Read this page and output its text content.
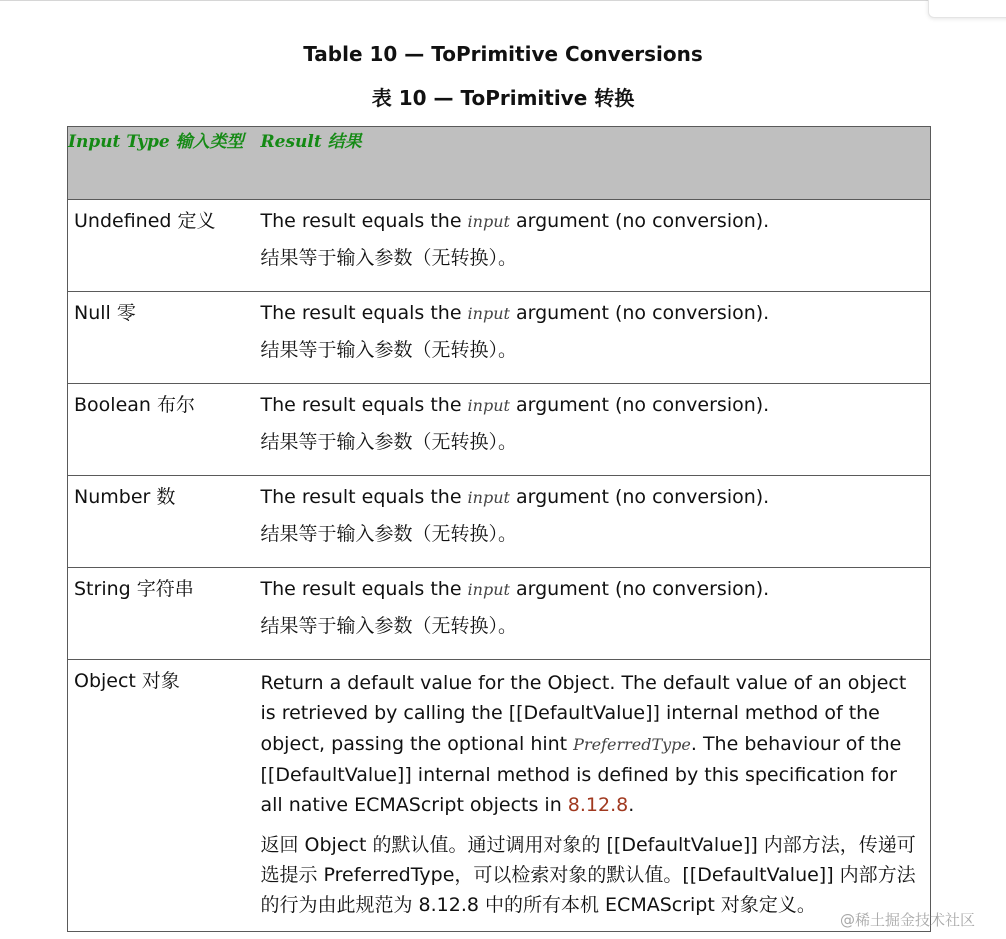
Table 10 — ToPrimitive Conversions
表 10 — ToPrimitive 转换
Input Type 输入类型	Result 结果
Undefined 定义	The result equals the input argument (no conversion).
结果等于输入参数（无转换）。

Null 零	The result equals the input argument (no conversion).
结果等于输入参数（无转换）。

Boolean 布尔	The result equals the input argument (no conversion).
结果等于输入参数（无转换）。

Number 数	The result equals the input argument (no conversion).
结果等于输入参数（无转换）。

String 字符串	The result equals the input argument (no conversion).
结果等于输入参数（无转换）。

Object 对象	Return a default value for the Object. The default value of an object is retrieved by calling the [[DefaultValue]] internal method of the object, passing the optional hint PreferredType. The behaviour of the [[DefaultValue]] internal method is defined by this specification for all native ECMAScript objects in 8.12.8.
返回 Object 的默认值。通过调用对象的 [[DefaultValue]] 内部方法，传递可选提示 PreferredType，可以检索对象的默认值。[[DefaultValue]] 内部方法的行为由此规范为 8.12.8 中的所有本机 ECMAScript 对象定义。
@稀土掘金技术社区
